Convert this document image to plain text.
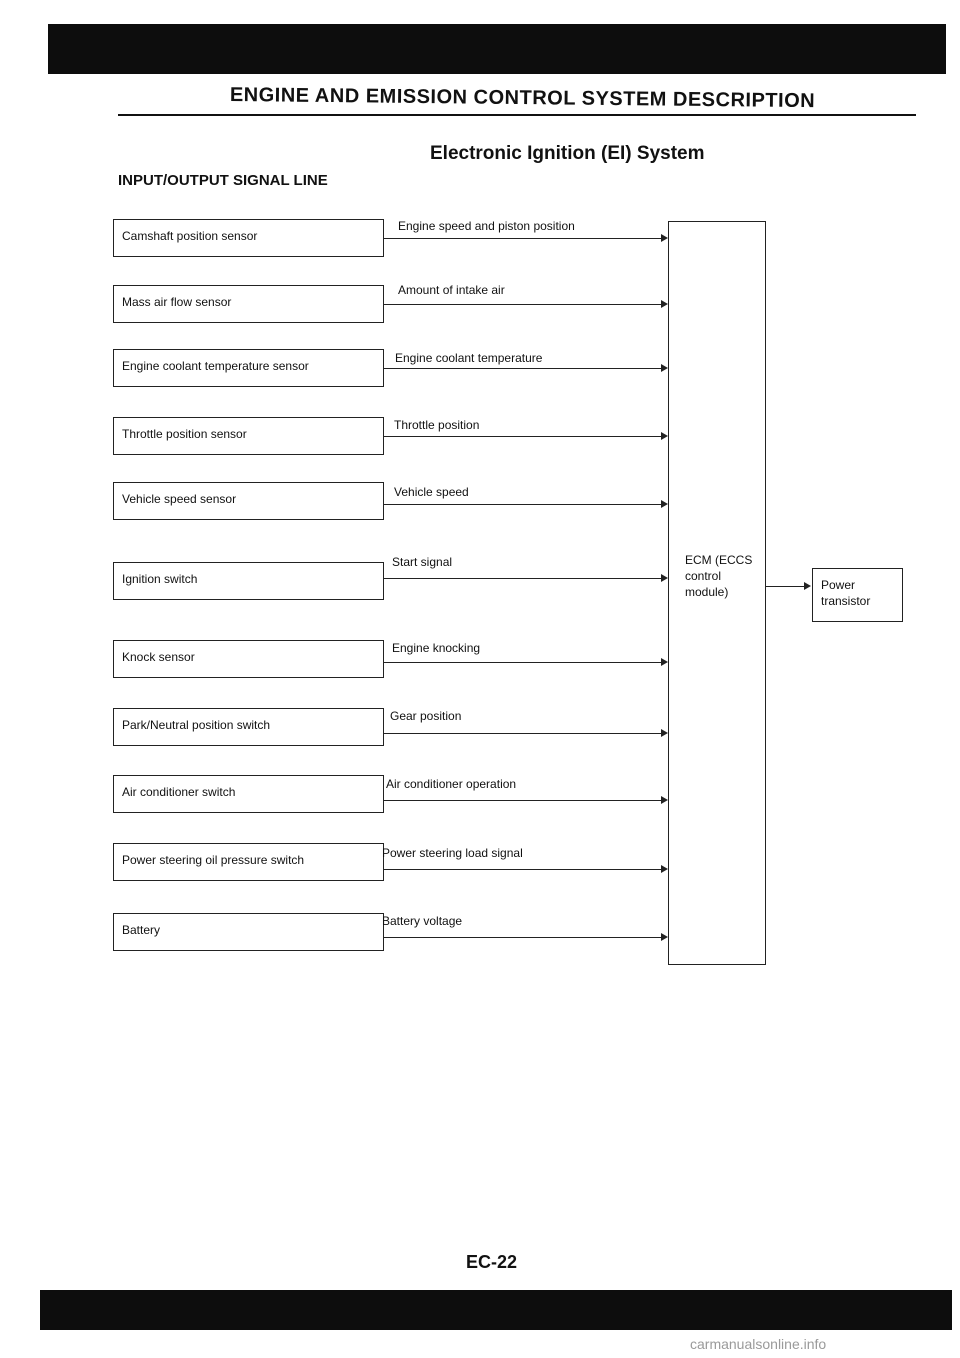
ENGINE AND EMISSION CONTROL SYSTEM DESCRIPTION
Electronic Ignition (EI) System
INPUT/OUTPUT SIGNAL LINE
Camshaft position sensor
Engine speed and piston position
Mass air flow sensor
Amount of intake air
Engine coolant temperature sensor
Engine coolant temperature
Throttle position sensor
Throttle position
Vehicle speed sensor	Vehicle speed
Ignition switch
Start signal
Knock sensor
Engine knocking
Park/Neutral position switch
Gear position
Air conditioner switch
Air conditioner operation
Power steering oil pressure switch	Power steering load signal
Battery
Battery voltage
ECM (ECCS
control
module)	Power
transistor
EC-22
carmanualsonline.info
